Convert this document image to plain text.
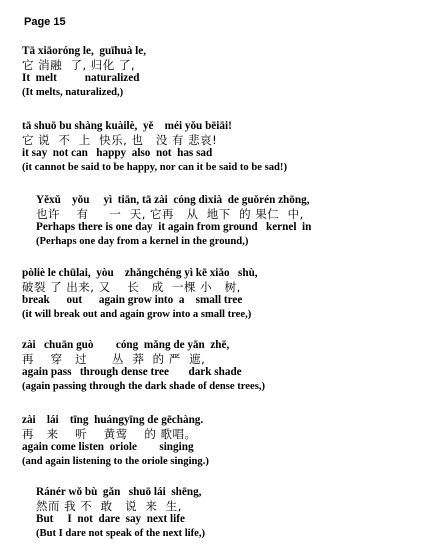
Page 15
Tā xiāoróng le,  guīhuà le,
它 消融  了, 归化 了,
It  melt          naturalized
(It melts, naturalized,)
tā shuō bu shàng kuàilè,  yě    méi yǒu bēiāi!
它 说  不  上  快乐, 也   没 有 悲哀!
it say  not can   happy  also  not  has sad
(it cannot be said to be happy, nor can it be said to be sad!)
Yěxǔ    yǒu     yì  tiān, tā zài  cóng dìxià  de guǒrén zhōng,
也许    有     一  天, 它再   从  地下  的 果仁  中,
Perhaps there is one day  it again from ground   kernel  in
(Perhaps one day from a kernel in the ground,)
pòliè le chūlai,  yòu    zhǎngchéng yì kē xiǎo   shù,
破裂 了 出来, 又    长   成  一棵 小   树,
break      out      again grow into  a    small tree
(it will break out and again grow into a small tree,)
zài   chuān guò        cóng  mǎng de yān  zhē,
再    穿   过      丛  莽  的 严  遮,
again pass   through dense tree       dark shade
(again passing through the dark shade of dense trees,)
zài    lái    tīng  huángyīng de gēchàng.
再   来    听    黄莺    的 歌唱。
again come listen  oriole        singing
(and again listening to the oriole singing.)
Ránér wǒ bù  gǎn   shuō lái  shēng,
然而 我 不  敢   说  来  生,
But     I  not  dare  say  next life
(But I dare not speak of the next life,)
